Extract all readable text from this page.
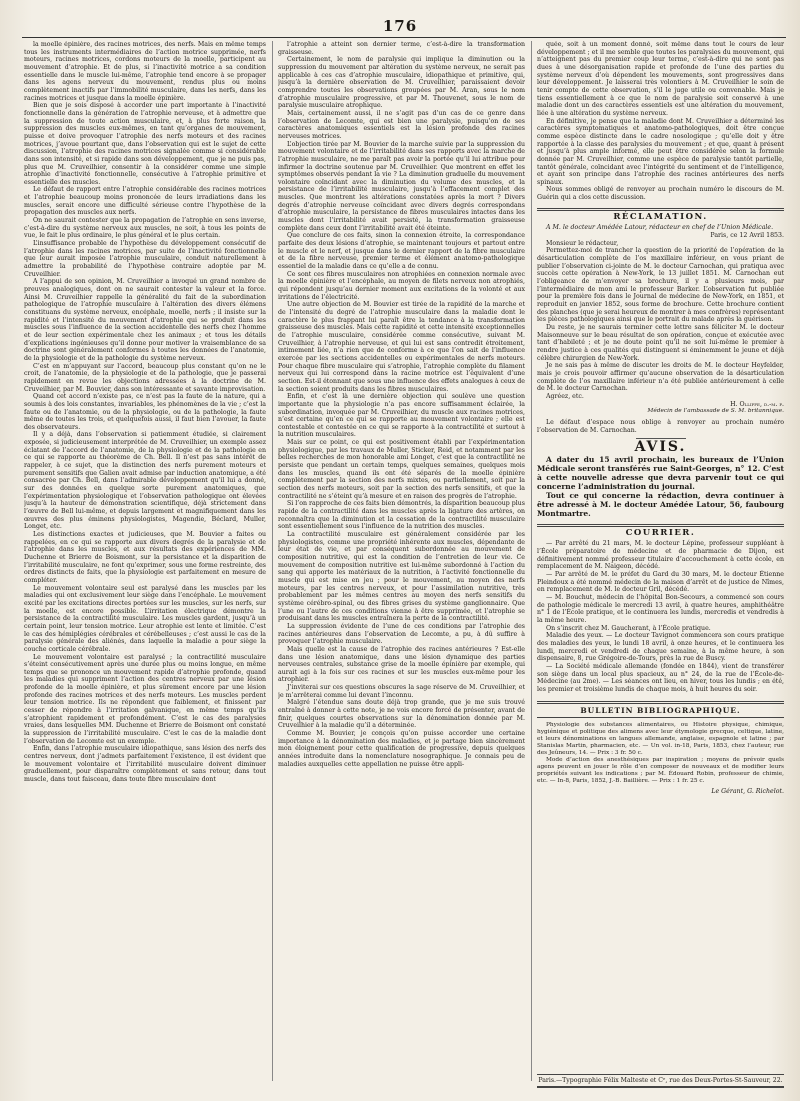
176

la moelle épinière, des racines motrices, des nerfs. Mais en même temps tous les instruments intermédiaires de l’action motrice supprimée, nerfs moteurs, racines motrices, cordons moteurs de la moelle, participent au mouvement d’atrophie. Et de plus, si l’inactivité motrice a sa condition essentielle dans le muscle lui-même, l’atrophie tend encore à se propager dans les agens nerveux du mouvement, rendus plus ou moins complètement inactifs par l’immobilité musculaire, dans les nerfs, dans les racines motrices et jusque dans la moelle épinière.

Bien que je sois disposé à accorder une part importante à l’inactivité fonctionnelle dans la génération de l’atrophie nerveuse, et à admettre que la suppression de toute action musculaire, et, à plus forte raison, la suppression des muscles eux-mêmes, en tant qu’organes de mouvement, puisse et doive provoquer l’atrophie des nerfs moteurs et des racines motrices, j’avoue pourtant que, dans l’observation qui est le sujet de cette discussion, l’atrophie des racines motrices signalée comme si considérable dans son intensité, et si rapide dans son développement, que je ne puis pas, plus que M. Cruveilhier, consentir à la considérer comme une simple atrophie d’inactivité fonctionnelle, consécutive à l’atrophie primitive et essentielle des muscles.

Le défaut de rapport entre l’atrophie considérable des racines motrices et l’atrophie beaucoup moins prononcée de leurs irradiations dans les muscles, serait encore une difficulté sérieuse contre l’hypothèse de la propagation des muscles aux nerfs.

On ne saurait contester que la propagation de l’atrophie en sens inverse, c’est-à-dire du système nerveux aux muscles, ne soit, à tous les points de vue, le fait le plus ordinaire, le plus général et le plus certain.

L’insuffisance probable de l’hypothèse du développement consécutif de l’atrophie dans les racines motrices, par suite de l’inactivité fonctionnelle que leur aurait imposée l’atrophie musculaire, conduit naturellement à admettre la probabilité de l’hypothèse contraire adoptée par M. Cruveilhier.

A l’appui de son opinion, M. Cruveilhier a invoqué un grand nombre de preuves analogiques, dont on ne saurait contester la valeur et la force. Ainsi M. Cruveilhier rappelle la généralité du fait de la subordination pathologique de l’atrophie musculaire à l’altération des divers élémens constituans du système nerveux, encéphale, moelle, nerfs ; il insiste sur la rapidité et l’intensité du mouvement d’atrophie qui se produit dans les muscles sous l’influence de la section accidentelle des nerfs chez l’homme et de leur section expérimentale chez les animaux ; et tous les détails d’explications ingénieuses qu’il donne pour motiver la vraisemblance de sa doctrine sont généralement conformes à toutes les données de l’anatomie, de la physiologie et de la pathologie du système nerveux.

C’est en m’appuyant sur l’accord, beaucoup plus constant qu’on ne le croit, de l’anatomie, de la physiologie et de la pathologie, que je passerai rapidement en revue les objections adressées à la doctrine de M. Cruveilhier, par M. Bouvier, dans son intéressante et savante improvisation.

Quand cet accord n’existe pas, ce n’est pas la faute de la nature, qui a soumis à des lois constantes, invariables, les phénomènes de la vie ; c’est la faute ou de l’anatomie, ou de la physiologie, ou de la pathologie, la faute même de toutes les trois, et quelquefois aussi, il faut bien l’avouer, la faute des observateurs.

Il y a déjà, dans l’observation si patiemment étudiée, si clairement exposée, si judicieusement interprétée de M. Cruveilhier, un exemple assez éclatant de l’accord de l’anatomie, de la physiologie et de la pathologie en ce qui se rapporte au théorème de Ch. Bell. Il n’est pas sans intérêt de rappeler, à ce sujet, que la distinction des nerfs purement moteurs et purement sensitifs que Galien avait admise par induction anatomique, a été consacrée par Ch. Bell, dans l’admirable développement qu’il lui a donné, sur des données en quelque sorte purement anatomiques, que l’expérimentation physiologique et l’observation pathologique ont élevées jusqu’à la hauteur de démonstration scientifique, déjà strictement dans l’œuvre de Bell lui-même, et depuis largement et magnifiquement dans les œuvres des plus éminens physiologistes, Magendie, Béclard, Muller, Longet, etc.

Les distinctions exactes et judicieuses, que M. Bouvier a faites ou rappelées, en ce qui se rapporte aux divers degrés de la paralysie et de l’atrophie dans les muscles, et aux résultats des expériences de MM. Duchenne et Brierre de Boismont, sur la persistance et la disparition de l’irritabilité musculaire, ne font qu’exprimer, sous une forme restreinte, des ordres distincts de faits, que la physiologie est parfaitement en mesure de compléter.

Le mouvement volontaire seul est paralysé dans les muscles par les maladies qui ont exclusivement leur siège dans l’encéphale. Le mouvement excité par les excitations directes portées sur les muscles, sur les nerfs, sur la moelle, est encore possible. L’irritation électrique démontre la persistance de la contractilité musculaire. Les muscles gardent, jusqu’à un certain point, leur tension motrice. Leur atrophie est lente et limitée. C’est le cas des hémiplégies cérébrales et cérébelleuses ; c’est aussi le cas de la paralysie générale des aliénés, dans laquelle la maladie a pour siège la couche corticale cérébrale.

Le mouvement volontaire est paralysé ; la contractilité musculaire s’éteint consécutivement après une durée plus ou moins longue, en même temps que se prononce un mouvement rapide d’atrophie profonde, quand les maladies qui suppriment l’action des centres nerveux par une lésion profonde de la moelle épinière, et plus sûrement encore par une lésion profonde des racines motrices et des nerfs moteurs. Les muscles perdent leur tension motrice. Ils ne répondent que faiblement, et finissent par cesser de répondre à l’irritation galvanique, en même temps qu’ils s’atrophient rapidement et profondément. C’est le cas des paralysies vraies, dans lesquelles MM. Duchenne et Brierre de Boismont ont constaté la suppression de l’irritabilité musculaire. C’est le cas de la maladie dont l’observation de Lecomte est un exemple.

Enfin, dans l’atrophie musculaire idiopathique, sans lésion des nerfs des centres nerveux, dont j’admets parfaitement l’existence, il est évident que le mouvement volontaire et l’irritabilité musculaire doivent diminuer graduellement, pour disparaître complètement et sans retour, dans tout muscle, dans tout faisceau, dans toute fibre musculaire dont

l’atrophie a atteint son dernier terme, c’est-à-dire la transformation graisseuse.

Certainement, le nom de paralysie qui implique la diminution ou la suppression du mouvement par altération du système nerveux, ne serait pas applicable à ces cas d’atrophie musculaire, idiopathique et primitive, qui, jusqu’à la dernière observation de M. Cruveilhier, paraissaient devoir comprendre toutes les observations groupées par M. Aran, sous le nom d’atrophie musculaire progressive, et par M. Thouvenet, sous le nom de paralysie musculaire atrophique.

Mais, certainement aussi, il ne s’agit pas d’un cas de ce genre dans l’observation de Lecomte, qui est bien une paralysie, puisqu’on de ses caractères anatomiques essentiels est la lésion profonde des racines nerveuses motrices.

L’objection tirée par M. Bouvier de la marche suivie par la suppression du mouvement volontaire et de l’irritabilité dans ses rapports avec la marche de l’atrophie musculaire, ne me paraît pas avoir la portée qu’il lui attribue pour infirmer la doctrine soutenue par M. Cruveilhier. Que montrent en effet les symptômes observés pendant la vie ? La diminution graduelle du mouvement volontaire coïncidant avec la diminution du volume des muscles, et la persistance de l’irritabilité musculaire, jusqu’à l’effacement complet des muscles. Que montrent les altérations constatées après la mort ? Divers degrés d’atrophie nerveuse coïncidant avec divers degrés correspondans d’atrophie musculaire, la persistance de fibres musculaires intactes dans les muscles dont l’irritabilité avait persisté, la transformation graisseuse complète dans ceux dont l’irritabilité avait été éteinte.

Que conclure de ces faits, sinon la connexion étroite, la correspondance parfaite des deux lésions d’atrophie, se maintenant toujours et partout entre le muscle et le nerf, et jusque dans le dernier rapport de la fibre musculaire et de la fibre nerveuse, premier terme et élément anatomo-pathologique essentiel de la maladie dans ce qu’elle a de connu.

Ce sont ces fibres musculaires non atrophiées en connexion normale avec la moelle épinière et l’encéphale, au moyen de filets nerveux non atrophiés, qui répondent jusqu’au dernier moment aux excitations de la volonté et aux irritations de l’électricité.

Une autre objection de M. Bouvier est tirée de la rapidité de la marche et de l’intensité du degré de l’atrophie musculaire dans la maladie dont le caractère le plus frappant lui paraît être la tendance à la transformation graisseuse des muscles. Mais cette rapidité et cette intensité exceptionnelles de l’atrophie musculaire, considérée comme consécutive, suivant M. Cruveilhier, à l’atrophie nerveuse, et qui lui est sans contredit étroitement, intimement liée, n’a rien que de conforme à ce que l’on sait de l’influence exercée par les sections accidentelles ou expérimentales de nerfs moteurs. Pour chaque fibre musculaire qui s’atrophie, l’atrophie complète du filament nerveux qui lui correspond dans la racine motrice est l’équivalent d’une section. Est-il étonnant que sous une influence des effets analogues à ceux de la section soient produits dans les fibres musculaires.

Enfin, et c’est là une dernière objection qui soulève une question importante que la physiologie n’a pas encore suffisamment éclairée, la subordination, invoquée par M. Cruveilhier, du muscle aux racines motrices, n’est certaine qu’en ce qui se rapporte au mouvement volontaire ; elle est contestable et contestée en ce qui se rapporte à la contractilité et surtout à la nutrition musculaires.

Mais sur ce point, ce qui est positivement établi par l’expérimentation physiologique, par les travaux de Muller, Sticker, Reid, et notamment par les belles recherches de mon honorable ami Longet, c’est que la contractilité ne persiste que pendant un certain temps, quelques semaines, quelques mois dans les muscles, quand ils ont été séparés de la moelle épinière complètement par la section des nerfs mixtes, ou partiellement, soit par la section des nerfs moteurs, soit par la section des nerfs sensitifs, et que la contractilité ne s’éteint qu’à mesure et en raison des progrès de l’atrophie.

Si l’on rapproche de ces faits bien démontrés, la disparition beaucoup plus rapide de la contractilité dans les muscles après la ligature des artères, on reconnaîtra que la diminution et la cessation de la contractilité musculaire sont essentiellement sous l’influence de la nutrition des muscles.

La contractilité musculaire est généralement considérée par les physiologistes, comme une propriété inhérente aux muscles, dépendante de leur état de vie, et par conséquent subordonnée au mouvement de composition nutritive, qui est la condition de l’entretien de leur vie. Ce mouvement de composition nutritive est lui-même subordonné à l’action du sang qui apporte les matériaux de la nutrition, à l’activité fonctionnelle du muscle qui est mise en jeu ; pour le mouvement, au moyen des nerfs moteurs, par les centres nerveux, et pour l’assimilation nutritive, très probablement par les mêmes centres au moyen des nerfs sensitifs du système cérébro-spinal, ou des fibres grises du système ganglionnaire. Que l’une ou l’autre de ces conditions vienne à être supprimée, et l’atrophie se produisant dans les muscles entraînera la perte de la contractilité.

La suppression évidente de l’une de ces conditions par l’atrophie des racines antérieures dans l’observation de Lecomte, a pu, à dû suffire à provoquer l’atrophie musculaire.

Mais quelle est la cause de l’atrophie des racines antérieures ? Est-elle dans une lésion anatomique, dans une lésion dynamique des parties nerveuses centrales, substance grise de la moelle épinière par exemple, qui aurait agi à la fois sur ces racines et sur les muscles eux-même pour les atrophier.

J’inviterai sur ces questions obscures la sage réserve de M. Cruveilhier, et je m’arrêterai comme lui devant l’inconnu.

Malgré l’étendue sans doute déjà trop grande, que je me suis trouvé entraîné à donner à cette note, je ne vois encore forcé de présenter, avant de finir, quelques courtes observations sur la dénomination donnée par M. Cruveilhier à la maladie qu’il a déterminée.

Comme M. Bouvier, je conçois qu’on puisse accorder une certaine importance à la dénomination des maladies, et je partage bien sincèrement mon éloignement pour cette qualification de progressive, depuis quelques années introduite dans la nomenclature nosographique. Je connais peu de maladies auxquelles cette appellation ne puisse être appli-

quée, soit à un moment donné, soit même dans tout le cours de leur développement ; et il me semble que toutes les paralysies du mouvement, qui n’atteignent pas du premier coup leur terme, c’est-à-dire qui ne sont pas dues à une désorganisation rapide et profonde de l’une des parties du système nerveux d’où dépendent les mouvements, sont progressives dans leur développement. Je laisserai très volontiers à M. Cruveilhier le soin de tenir compte de cette observation, s’il le juge utile ou convenable. Mais je tiens essentiellement à ce que le nom de paralysie soit conservé à une maladie dont un des caractères essentiels est une altération du mouvement, liée à une altération du système nerveux.

En définitive, je pense que la maladie dont M. Cruveilhier a déterminé les caractères symptomatiques et anatomo-pathologiques, doit être conçue comme espèce distincte dans le cadre nosologique ; qu’elle doit y être rapportée à la classe des paralysies du mouvement ; et que, quant à présent et jusqu’à plus ample informé, elle peut être considérée selon la formule donnée par M. Cruveilhier, comme une espèce de paralysie tantôt partielle, tantôt générale, coïncidant avec l’intégrité du sentiment et de l’intelligence, et ayant son principe dans l’atrophie des racines antérieures des nerfs spinaux.

Nous sommes obligé de renvoyer au prochain numéro le discours de M. Guérin qui a clos cette discussion.

RÉCLAMATION.

A M. le docteur Amédée Latour, rédacteur en chef de l’Union Médicale.

Paris, ce 12 Avril 1853.

Monsieur le rédacteur,

Permettez-moi de trancher la question de la priorité de l’opération de la désarticulation complète de l’os maxillaire inférieur, en vous priant de publier l’observation ci-jointe de M. le docteur Carnochan, qui pratiqua avec succès cette opération à New-York, le 13 juillet 1851. M. Carnochan eut l’obligeance de m’envoyer sa brochure, il y a plusieurs mois, par l’intermédiaire de mon ami le professeur Barker. L’observation fut publiée pour la première fois dans le Journal de médecine de New-York, en 1851, et reproduit en janvier 1852, sous forme de brochure. Cette brochure contient des planches (que je serai heureux de montrer à mes confrères) représentant les pièces pathologiques ainsi que le portrait du malade après la guérison.

Du reste, je ne saurais terminer cette lettre sans féliciter M. le docteur Maisonneuve sur le beau résultat de son opération, conçue et exécutée avec tant d’habileté ; et je ne doute point qu’il ne soit lui-même le premier à rendre justice à ces qualités qui distinguent si éminemment le jeune et déjà célèbre chirurgien de New-York.

Je ne sais pas à même de discuter les droits de M. le docteur Heyfelder, mais je crois pouvoir affirmer qu’aucune observation de la désarticulation complète de l’os maxillaire inférieur n’a été publiée antérieurement à celle de M. le docteur Carnochan.

Agréez, etc.

H. Olliffe, d.-m. p.
Médecin de l’ambassade de S. M. britannique.

Le défaut d’espace nous oblige à renvoyer au prochain numéro l’observation de M. Carnochan.

AVIS.

A dater du 15 avril prochain, les bureaux de l’Union Médicale seront transférés rue Saint-Georges, n° 12. C’est à cette nouvelle adresse que devra parvenir tout ce qui concerne l’administration du journal.

Tout ce qui concerne la rédaction, devra continuer à être adressé à M. le docteur Amédée Latour, 56, faubourg Montmartre.

COURRIER.

— Par arrêté du 21 mars, M. le docteur Lépine, professeur suppléant à l’École préparatoire de médecine et de pharmacie de Dijon, est définitivement nommé professeur titulaire d’accouchement à cette école, en remplacement de M. Naigeon, décédé.

— Par arrêté de M. le préfet du Gard du 30 mars, M. le docteur Étienne Pleindoux a été nommé médecin de la maison d’arrêt et de justice de Nîmes, en remplacement de M. le docteur Gril, décédé.

— M. Bouchut, médecin de l’hôpital Bon-Secours, a commencé son cours de pathologie médicale le mercredi 13 avril, à quatre heures, amphithéâtre n° 1 de l’École pratique, et le continuera les lundis, mercredis et vendredis à la même heure.

On s’inscrit chez M. Gaucherant, à l’École pratique.

Maladie des yeux. — Le docteur Tavignot commencera son cours pratique des maladies des yeux, le lundi 18 avril, à onze heures, et le continuera les lundi, mercredi et vendredi de chaque semaine, à la même heure, à son dispensaire, 8, rue Grégoire-de-Tours, près la rue de Buscy.

— La Société médicale allemande (fondée en 1844), vient de transférer son siège dans un local plus spacieux, au n° 24, de la rue de l’École-de-Médecine (au 2me). — Les séances ont lieu, en hiver, tous les lundis ; en été, les premier et troisième lundis de chaque mois, à huit heures du soir.

BULLETIN BIBLIOGRAPHIQUE.

Physiologie des substances alimentaires, ou Histoire physique, chimique, hygiénique et politique des alimens avec leur étymologie grecque, celtique, latine, et leurs dénominations en langues allemande, anglaise, espagnole et latine ; par Stanislas Martin, pharmacien, etc. — Un vol. in-18, Paris, 1853, chez l’auteur, rue des Jeûneurs, 14. — Prix : 3 fr. 50 c.

Mode d’action des anesthésiques par inspiration ; moyens de prévoir quels agens peuvent en jouer le rôle d’en composer de nouveaux et de modifier leurs propriétés suivant les indications ; par M. Édouard Robin, professeur de chimie, etc. — In-8, Paris, 1852, J.-B. Baillière. — Prix : 1 fr. 25 c.

Le Gérant, G. Richelot.
Paris.—Typographie Félix Malteste et Cᵉ, rue des Deux-Portes-St-Sauveur, 22.
